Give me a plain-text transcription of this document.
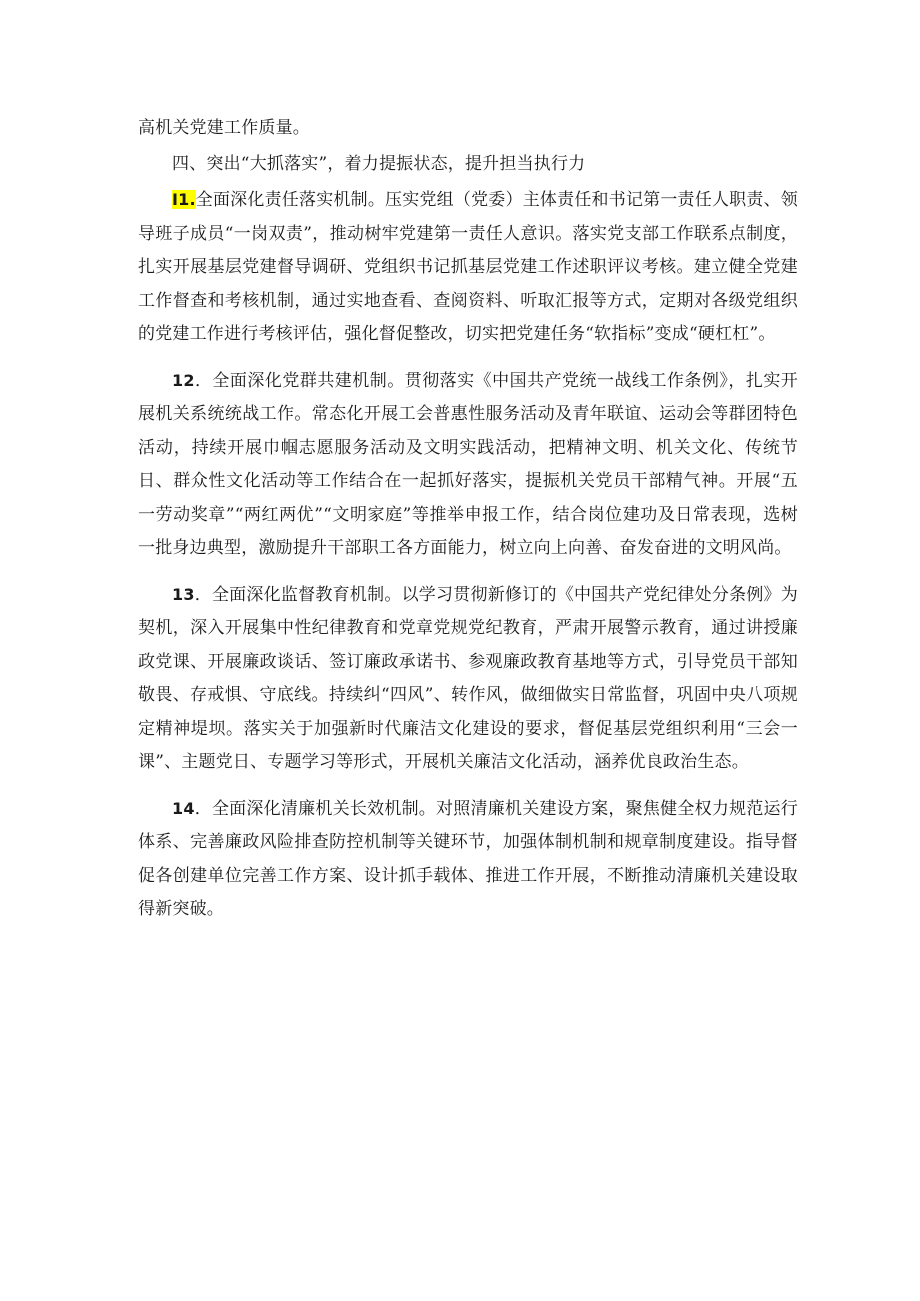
高机关党建工作质量。

四、突出“大抓落实”，着力提振状态，提升担当执行力

I1.全面深化责任落实机制。压实党组（党委）主体责任和书记第一责任人职责、领导班子成员“一岗双责”，推动树牢党建第一责任人意识。落实党支部工作联系点制度，扎实开展基层党建督导调研、党组织书记抓基层党建工作述职评议考核。建立健全党建工作督查和考核机制，通过实地查看、查阅资料、听取汇报等方式，定期对各级党组织的党建工作进行考核评估，强化督促整改，切实把党建任务“软指标”变成“硬杠杠”。

12．全面深化党群共建机制。贯彻落实《中国共产党统一战线工作条例》，扎实开展机关系统统战工作。常态化开展工会普惠性服务活动及青年联谊、运动会等群团特色活动，持续开展巾帼志愿服务活动及文明实践活动，把精神文明、机关文化、传统节日、群众性文化活动等工作结合在一起抓好落实，提振机关党员干部精气神。开展“五一劳动奖章”“两红两优”“文明家庭”等推举申报工作，结合岗位建功及日常表现，选树一批身边典型，激励提升干部职工各方面能力，树立向上向善、奋发奋进的文明风尚。

13．全面深化监督教育机制。以学习贯彻新修订的《中国共产党纪律处分条例》为契机，深入开展集中性纪律教育和党章党规党纪教育，严肃开展警示教育，通过讲授廉政党课、开展廉政谈话、签订廉政承诺书、参观廉政教育基地等方式，引导党员干部知敬畏、存戒惧、守底线。持续纠“四风”、转作风，做细做实日常监督，巩固中央八项规定精神堤坝。落实关于加强新时代廉洁文化建设的要求，督促基层党组织利用“三会一课”、主题党日、专题学习等形式，开展机关廉洁文化活动，涵养优良政治生态。

14．全面深化清廉机关长效机制。对照清廉机关建设方案，聚焦健全权力规范运行体系、完善廉政风险排查防控机制等关键环节，加强体制机制和规章制度建设。指导督促各创建单位完善工作方案、设计抓手载体、推进工作开展，不断推动清廉机关建设取得新突破。
